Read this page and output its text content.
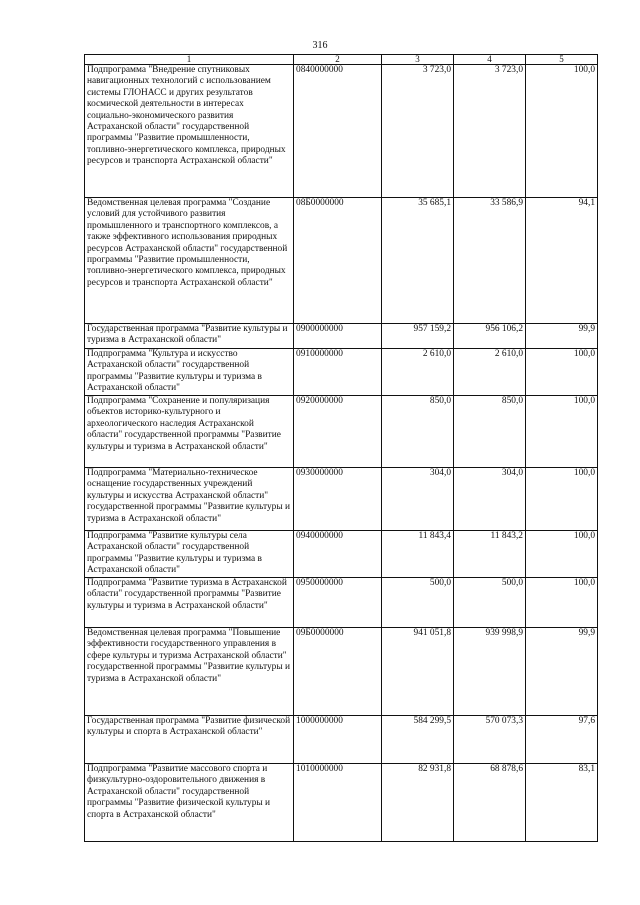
316
1	2	3	4	5
Подпрограмма "Внедрение спутниковых навигационных технологий с использованием системы ГЛОНАСС и других результатов космической деятельности в интересах социально-экономического развития Астраханской области" государственной программы "Развитие промышленности, топливно-энергетического комплекса, природных ресурсов и транспорта Астраханской области"	0840000000	3 723,0	3 723,0	100,0
Ведомственная целевая программа "Создание условий для устойчивого развития промышленного и транспортного комплексов, а также эффективного использования природных ресурсов Астраханской области" государственной программы "Развитие промышленности, топливно-энергетического комплекса, природных ресурсов и транспорта Астраханской области"	08Б0000000	35 685,1	33 586,9	94,1
Государственная программа "Развитие культуры и туризма в Астраханской области"	0900000000	957 159,2	956 106,2	99,9
Подпрограмма "Культура и искусство Астраханской области" государственной программы "Развитие культуры и туризма в Астраханской области"	0910000000	2 610,0	2 610,0	100,0
Подпрограмма "Сохранение и популяризация объектов историко-культурного и археологического наследия Астраханской области" государственной программы "Развитие культуры и туризма в Астраханской области"	0920000000	850,0	850,0	100,0
Подпрограмма "Материально-техническое оснащение государственных учреждений культуры и искусства Астраханской области" государственной программы "Развитие культуры и туризма в Астраханской области"	0930000000	304,0	304,0	100,0
Подпрограмма "Развитие культуры села Астраханской области" государственной программы "Развитие культуры и туризма в Астраханской области"	0940000000	11 843,4	11 843,2	100,0
Подпрограмма "Развитие туризма в Астраханской области" государственной программы "Развитие культуры и туризма в Астраханской области"	0950000000	500,0	500,0	100,0
Ведомственная целевая программа "Повышение эффективности государственного управления в сфере культуры и туризма Астраханской области" государственной программы "Развитие культуры и туризма в Астраханской области"	09Б0000000	941 051,8	939 998,9	99,9
Государственная программа "Развитие физической культуры и спорта в Астраханской области"	1000000000	584 299,5	570 073,3	97,6
Подпрограмма "Развитие массового спорта и физкультурно-оздоровительного движения в Астраханской области" государственной программы "Развитие физической культуры и спорта в Астраханской области"	1010000000	82 931,8	68 878,6	83,1
